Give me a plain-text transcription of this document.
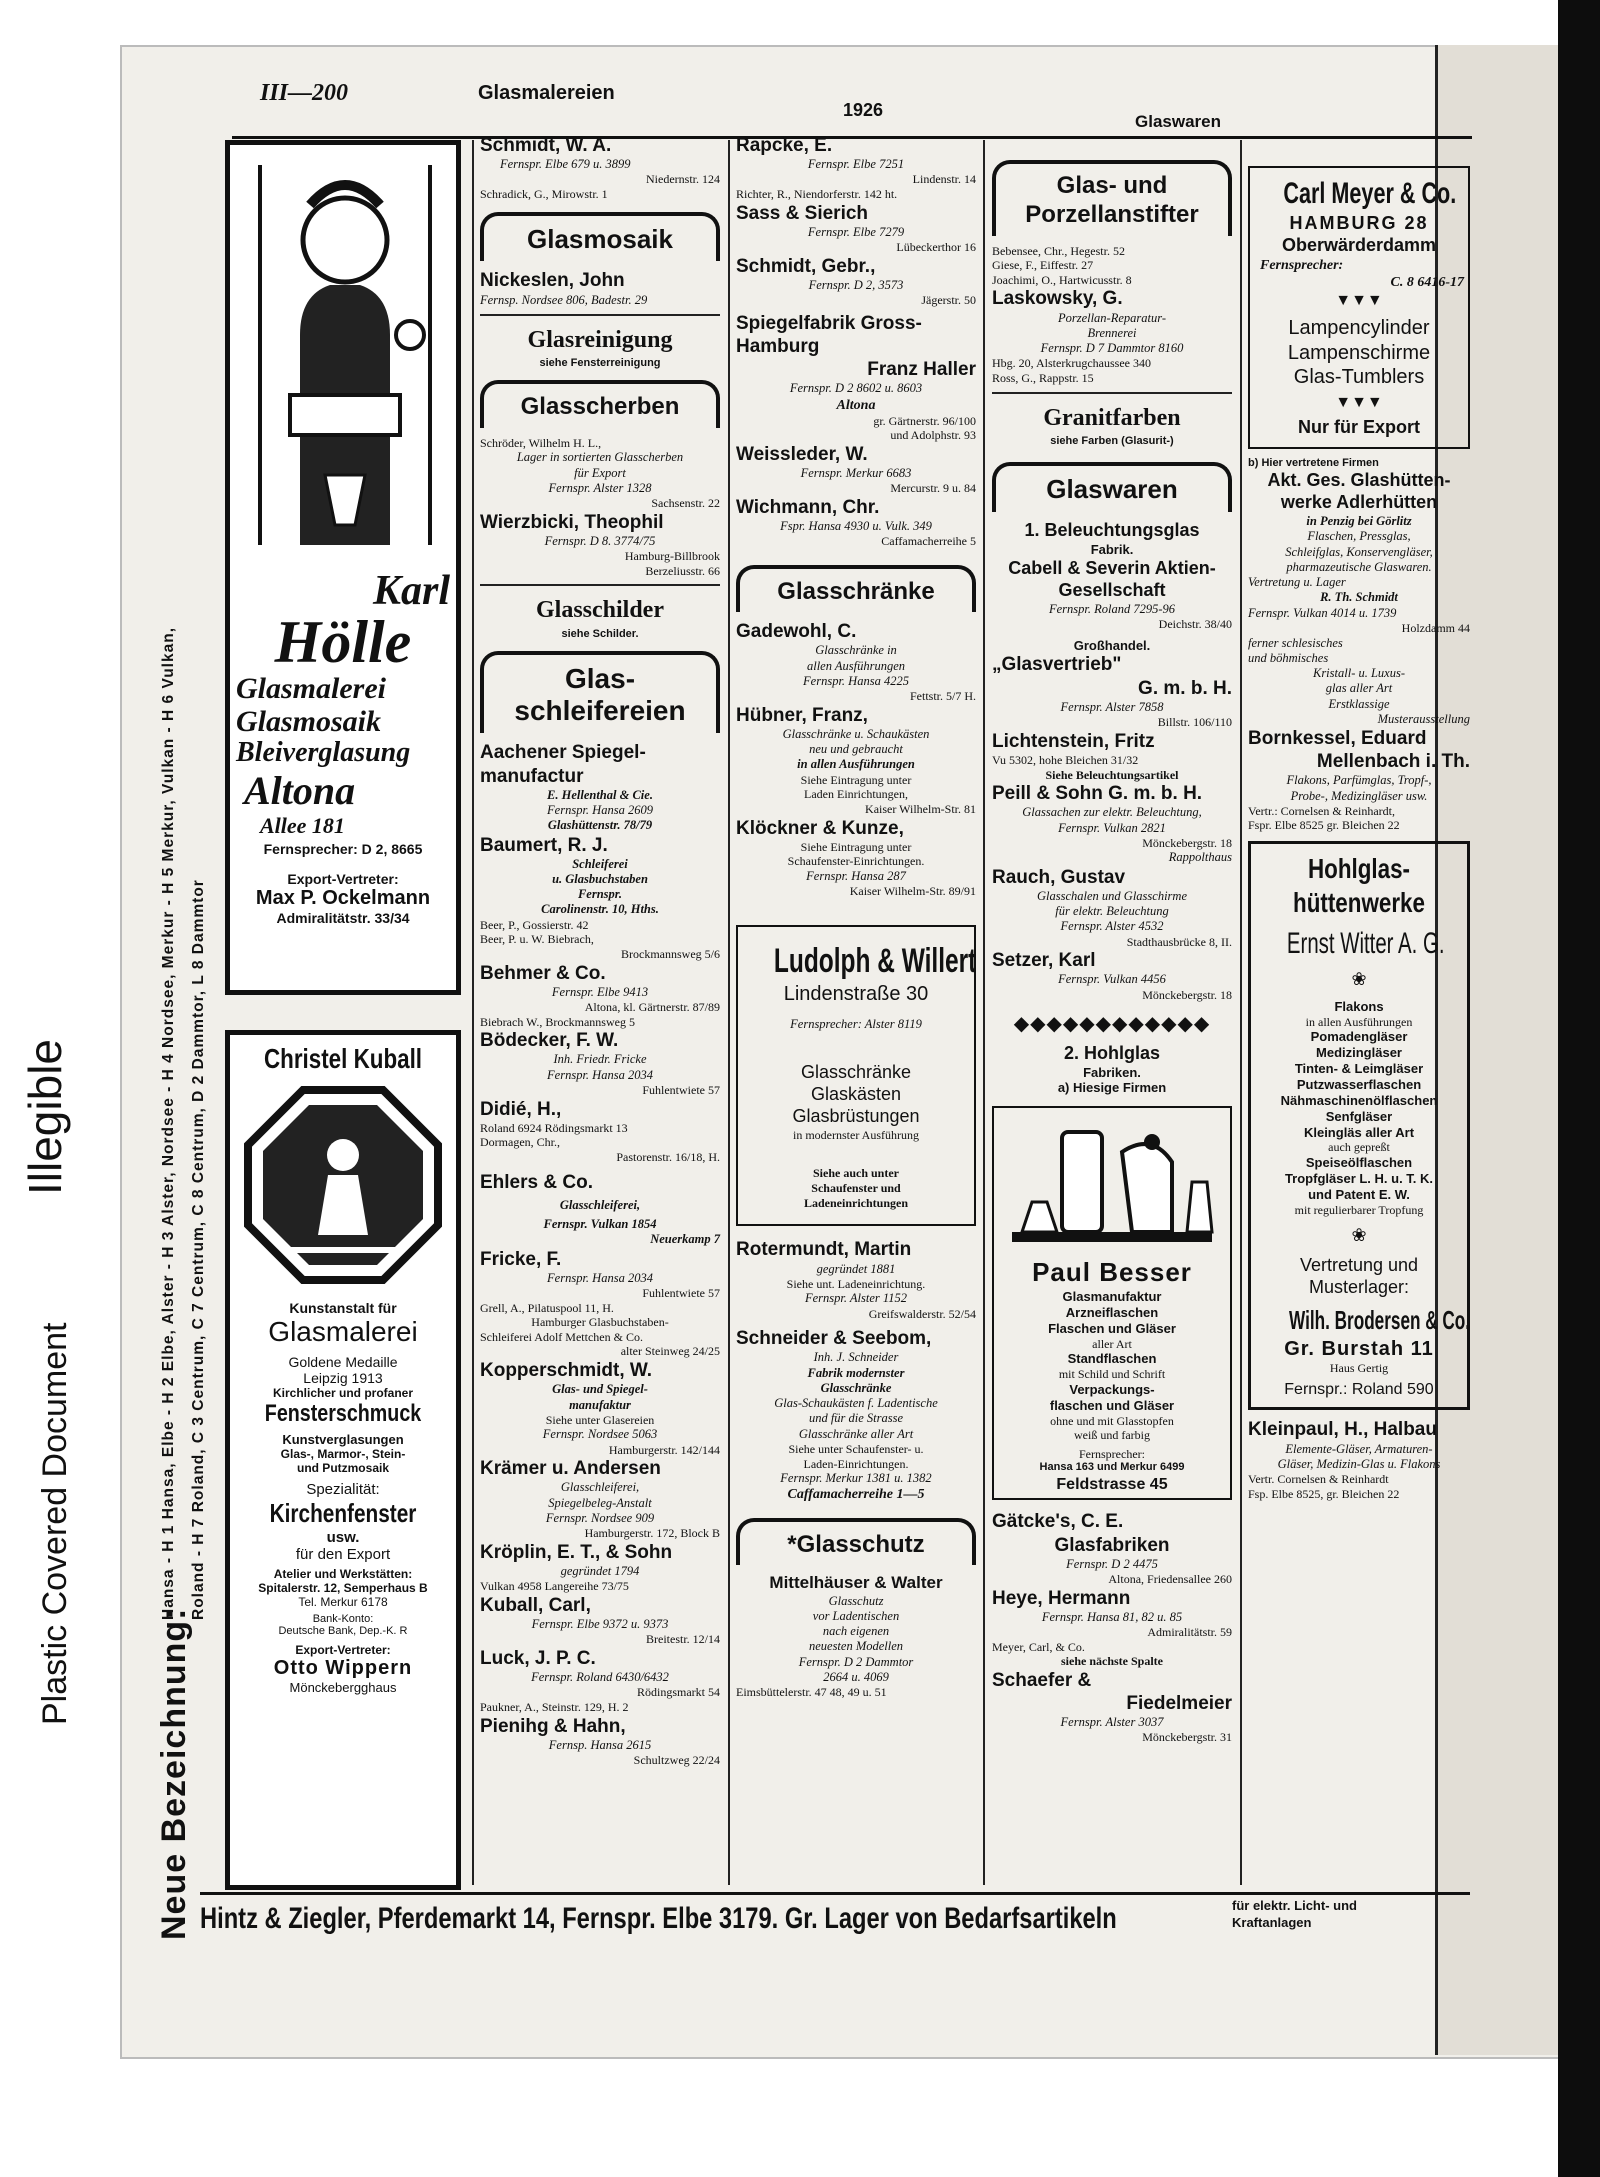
Illegible
Plastic Covered Document
III—200	Glasmalereien
1926
Glaswaren
Neue Bezeichnung:
Hansa - H 1 Hansa, Elbe - H 2 Elbe, Alster - H 3 Alster, Nordsee - H 4 Nordsee, Merkur - H 5 Merkur, Vulkan - H 6 Vulkan, Roland - H 7 Roland, C 3 Centrum, C 7 Centrum, C 8 Centrum, D 2 Dammtor, L 8 Dammtor
Karl
Hölle
Glasmalerei
Glasmosaik
Bleiverglasung
Altona
Allee 181
Fernsprecher: D 2, 8665
Export-Vertreter:
Max P. Ockelmann
Admiralitätstr. 33/34
Christel Kuball
Kunstanstalt für
Glasmalerei
Goldene Medaille
Leipzig 1913
Kirchlicher und profaner
Fensterschmuck
Kunstverglasungen
Glas-, Marmor-, Stein-
und Putzmosaik
Spezialität:
Kirchenfenster
usw.
für den Export
Atelier und Werkstätten:
Spitalerstr. 12, Semperhaus B
Tel. Merkur 6178
Bank-Konto:
Deutsche Bank, Dep.-K. R
Export-Vertreter:
Otto Wippern
Mönckebergghaus

Schmidt, W. A.

Fernspr. Elbe 679 u. 3899

Niedernstr. 124

Schradick, G., Mirowstr. 1

Glasmosaik

Nickeslen, John

Fernsp. Nordsee 806, Badestr. 29

Glasreinigung
siehe Fensterreinigung
Glasscherben

Schröder, Wilhelm H. L.,

Lager in sortierten Glasscherben

für Export

Fernspr. Alster 1328

Sachsenstr. 22

Wierzbicki, Theophil

Fernspr. D 8. 3774/75

Hamburg-Billbrook

Berzeliusstr. 66

Glasschilder
siehe Schilder.
Glas-schleifereien

Aachener Spiegel-manufactur

E. Hellenthal & Cie.

Fernspr. Hansa 2609

Glashüttenstr. 78/79

Baumert, R. J.

Schleiferei

u. Glasbuchstaben

Fernspr.

Carolinenstr. 10, Hths.

Beer, P., Gossierstr. 42

Beer, P. u. W. Biebrach,

Brockmannsweg 5/6

Behmer & Co.

Fernspr. Elbe 9413

Altona, kl. Gärtnerstr. 87/89

Biebrach W., Brockmannsweg 5

Bödecker, F. W.

Inh. Friedr. Fricke

Fernspr. Hansa 2034

Fuhlentwiete 57

Didié, H.,

Roland 6924 Rödingsmarkt 13

Dormagen, Chr.,

Pastorenstr. 16/18, H.

Ehlers & Co.

Glasschleiferei,

Fernspr. Vulkan 1854

Neuerkamp 7

Fricke, F.

Fernspr. Hansa 2034

Fuhlentwiete 57

Grell, A., Pilatuspool 11, H.

Hamburger Glasbuchstaben-

Schleiferei Adolf Mettchen & Co.

alter Steinweg 24/25

Kopperschmidt, W.

Glas- und Spiegel-

manufaktur

Siehe unter Glasereien

Fernspr. Nordsee 5063

Hamburgerstr. 142/144

Krämer u. Andersen

Glasschleiferei,

Spiegelbeleg-Anstalt

Fernspr. Nordsee 909

Hamburgerstr. 172, Block B

Kröplin, E. T., & Sohn

gegründet 1794

Vulkan 4958 Langereihe 73/75

Kuball, Carl,

Fernspr. Elbe 9372 u. 9373

Breitestr. 12/14

Luck, J. P. C.

Fernspr. Roland 6430/6432

Rödingsmarkt 54

Paukner, A., Steinstr. 129, H. 2

Pienihg & Hahn,

Fernsp. Hansa 2615

Schultzweg 22/24

Rapcke, E.

Fernspr. Elbe 7251

Lindenstr. 14

Richter, R., Niendorferstr. 142 ht.

Sass & Sierich

Fernspr. Elbe 7279

Lübeckerthor 16

Schmidt, Gebr.,

Fernspr. D 2, 3573

Jägerstr. 50

Spiegelfabrik Gross-Hamburg

Franz Haller

Fernspr. D 2 8602 u. 8603

Altona

gr. Gärtnerstr. 96/100

und Adolphstr. 93

Weissleder, W.

Fernspr. Merkur 6683

Mercurstr. 9 u. 84

Wichmann, Chr.

Fspr. Hansa 4930 u. Vulk. 349

Caffamacherreihe 5

Glasschränke

Gadewohl, C.

Glasschränke in

allen Ausführungen

Fernspr. Hansa 4225

Fettstr. 5/7 H.

Hübner, Franz,

Glasschränke u. Schaukästen

neu und gebraucht

in allen Ausführungen

Siehe Eintragung unter

Laden Einrichtungen,

Kaiser Wilhelm-Str. 81

Klöckner & Kunze,

Siehe Eintragung unter

Schaufenster-Einrichtungen.

Fernspr. Hansa 287

Kaiser Wilhelm-Str. 89/91

Ludolph & Willert
Lindenstraße 30
Fernsprecher: Alster 8119
Glasschränke
Glaskästen
Glasbrüstungen
in modernster Ausführung
Siehe auch unter
Schaufenster und
Ladeneinrichtungen

Rotermundt, Martin

gegründet 1881

Siehe unt. Ladeneinrichtung.

Fernspr. Alster 1152

Greifswalderstr. 52/54

Schneider & Seebom,

Inh. J. Schneider

Fabrik modernster

Glasschränke

Glas-Schaukästen f. Ladentische

und für die Strasse

Glasschränke aller Art

Siehe unter Schaufenster- u.

Laden-Einrichtungen.

Fernspr. Merkur 1381 u. 1382

Caffamacherreihe 1—5

*Glasschutz

Mittelhäuser & Walter

Glasschutz

vor Ladentischen

nach eigenen

neuesten Modellen

Fernspr. D 2 Dammtor

2664 u. 4069

Eimsbüttelerstr. 47 48, 49 u. 51

Glas- und Porzellanstifter

Bebensee, Chr., Hegestr. 52

Giese, F., Eiffestr. 27

Joachimi, O., Hartwicusstr. 8

Laskowsky, G.

Porzellan-Reparatur-

Brennerei

Fernspr. D 7 Dammtor 8160

Hbg. 20, Alsterkrugchaussee 340

Ross, G., Rappstr. 15

Granitfarben
siehe Farben (Glasurit-)
Glaswaren
1. Beleuchtungsglas
Fabrik.

Cabell & Severin Aktien-Gesellschaft

Fernspr. Roland 7295-96

Deichstr. 38/40

Großhandel.

„Glasvertrieb"

G. m. b. H.

Fernspr. Alster 7858

Billstr. 106/110

Lichtenstein, Fritz

Vu 5302, hohe Bleichen 31/32

Siehe Beleuchtungsartikel

Peill & Sohn G. m. b. H.

Glassachen zur elektr. Beleuchtung,

Fernspr. Vulkan 2821

Mönckebergstr. 18

Rappolthaus

Rauch, Gustav

Glasschalen und Glasschirme

für elektr. Beleuchtung

Fernspr. Alster 4532

Stadthausbrücke 8, II.

Setzer, Karl

Fernspr. Vulkan 4456

Mönckebergstr. 18

◆◆◆◆◆◆◆◆◆◆◆◆
2. Hohlglas
Fabriken.
a) Hiesige Firmen
Paul Besser
Glasmanufaktur
Arzneiflaschen
Flaschen und Gläser
aller Art
Standflaschen
mit Schild und Schrift
Verpackungs-
flaschen und Gläser
ohne und mit Glasstopfen
weiß und farbig
Fernsprecher:
Hansa 163 und Merkur 6499
Feldstrasse 45

Gätcke's, C. E.

Glasfabriken

Fernspr. D 2 4475

Altona, Friedensallee 260

Heye, Hermann

Fernspr. Hansa 81, 82 u. 85

Admiralitätstr. 59

Meyer, Carl, & Co.

siehe nächste Spalte

Schaefer &

Fiedelmeier

Fernspr. Alster 3037

Mönckebergstr. 31

Carl Meyer & Co.
HAMBURG 28
Oberwärderdamm
Fernsprecher:
C. 8 6416-17
▼▼▼
Lampencylinder
Lampenschirme
Glas-Tumblers
▼▼▼
Nur für Export

b) Hier vertretene Firmen

Akt. Ges. Glashütten-werke Adlerhütten

in Penzig bei Görlitz

Flaschen, Pressglas,

Schleifglas, Konservengläser,

pharmazeutische Glaswaren.

Vertretung u. Lager

R. Th. Schmidt

Fernspr. Vulkan 4014 u. 1739

Holzdamm 44

ferner schlesisches

und böhmisches

Kristall- u. Luxus-

glas aller Art

Erstklassige

Musterausstellung

Bornkessel, Eduard

Mellenbach i. Th.

Flakons, Parfümglas, Tropf-,

Probe-, Medizingläser usw.

Vertr.: Cornelsen & Reinhardt,

Fspr. Elbe 8525 gr. Bleichen 22

Hohlglas-
hüttenwerke
Ernst Witter A. G.
❀
Flakons
in allen Ausführungen
Pomadengläser
Medizingläser
Tinten- & Leimgläser
Putzwasserflaschen
Nähmaschinenölflaschen
Senfgläser
Kleingläs aller Art
auch gepreßt
Speiseölflaschen
Tropfgläser L. H. u. T. K.
und Patent E. W.
mit regulierbarer Tropfung
❀
Vertretung und
Musterlager:
Wilh. Brodersen & Co.
Gr. Burstah 11
Haus Gertig
Fernspr.: Roland 590

Kleinpaul, H., Halbau

Elemente-Gläser, Armaturen-

Gläser, Medizin-Glas u. Flakons

Vertr. Cornelsen & Reinhardt

Fsp. Elbe 8525, gr. Bleichen 22

Hintz & Ziegler, Pferdemarkt 14, Fernspr. Elbe 3179. Gr. Lager von Bedarfsartikeln	für elektr. Licht- und
Kraftanlagen
